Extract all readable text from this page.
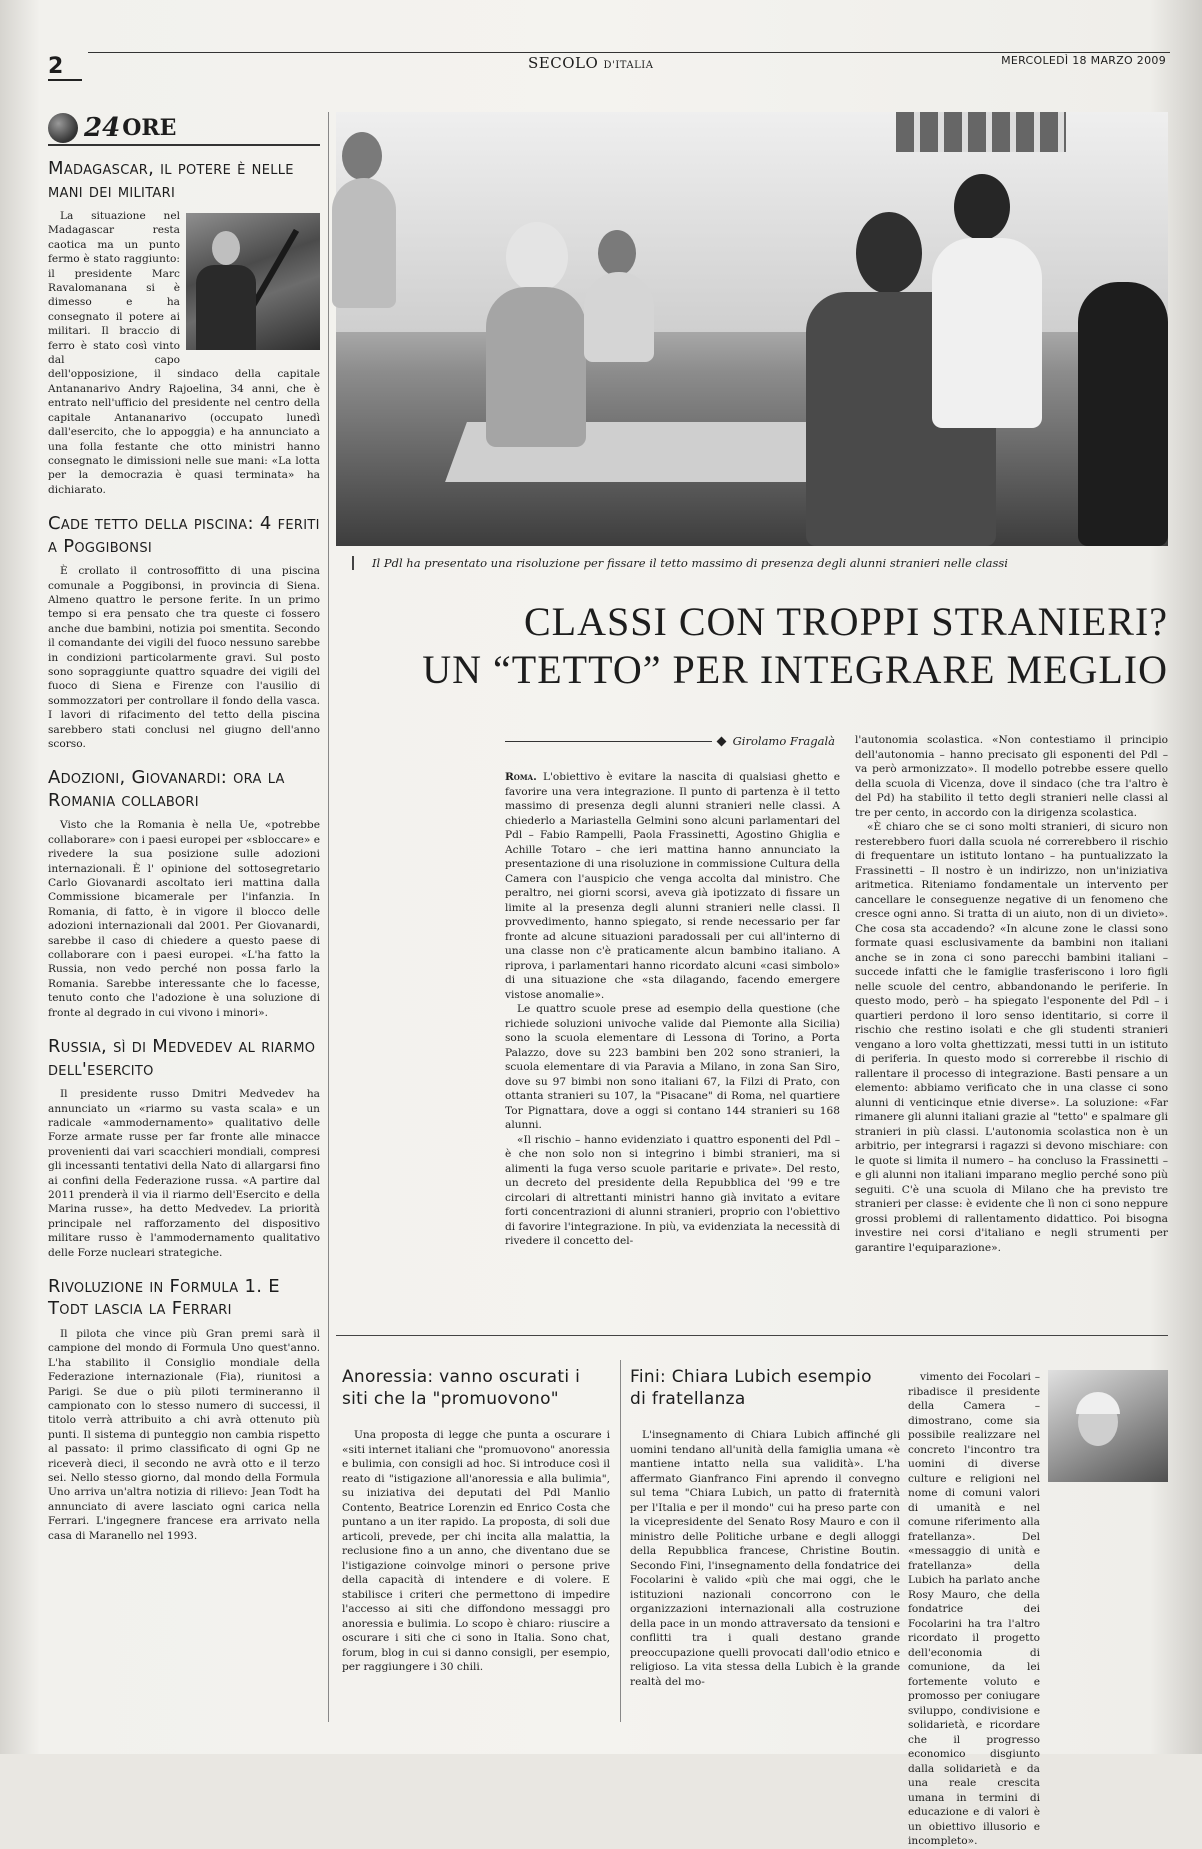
2	SECOLO D'ITALIA	MERCOLEDÌ 18 MARZO 2009
24 ORE
Madagascar, il potere è nelle mani dei militari

La situazione nel Madagascar resta caotica ma un punto fermo è stato raggiunto: il presidente Marc Ravalomanana si è dimesso e ha consegnato il potere ai militari. Il braccio di ferro è stato così vinto dal capo dell'opposizione, il sindaco della capitale Antananarivo Andry Rajoelina, 34 anni, che è entrato nell'ufficio del presidente nel centro della capitale Antananarivo (occupato lunedì dall'esercito, che lo appoggia) e ha annunciato a una folla festante che otto ministri hanno consegnato le dimissioni nelle sue mani: «La lotta per la democrazia è quasi terminata» ha dichiarato.

Cade tetto della piscina: 4 feriti a Poggibonsi

È crollato il controsoffitto di una piscina comunale a Poggibonsi, in provincia di Siena. Almeno quattro le persone ferite. In un primo tempo si era pensato che tra queste ci fossero anche due bambini, notizia poi smentita. Secondo il comandante dei vigili del fuoco nessuno sarebbe in condizioni particolarmente gravi. Sul posto sono sopraggiunte quattro squadre dei vigili del fuoco di Siena e Firenze con l'ausilio di sommozzatori per controllare il fondo della vasca. I lavori di rifacimento del tetto della piscina sarebbero stati conclusi nel giugno dell'anno scorso.

Adozioni, Giovanardi: ora la Romania collabori

Visto che la Romania è nella Ue, «potrebbe collaborare» con i paesi europei per «sbloccare» e rivedere la sua posizione sulle adozioni internazionali. È l' opinione del sottosegretario Carlo Giovanardi ascoltato ieri mattina dalla Commissione bicamerale per l'infanzia. In Romania, di fatto, è in vigore il blocco delle adozioni internazionali dal 2001. Per Giovanardi, sarebbe il caso di chiedere a questo paese di collaborare con i paesi europei. «L'ha fatto la Russia, non vedo perché non possa farlo la Romania. Sarebbe interessante che lo facesse, tenuto conto che l'adozione è una soluzione di fronte al degrado in cui vivono i minori».

Russia, sì di Medvedev al riarmo dell'esercito

Il presidente russo Dmitri Medvedev ha annunciato un «riarmo su vasta scala» e un radicale «ammodernamento» qualitativo delle Forze armate russe per far fronte alle minacce provenienti dai vari scacchieri mondiali, compresi gli incessanti tentativi della Nato di allargarsi fino ai confini della Federazione russa. «A partire dal 2011 prenderà il via il riarmo dell'Esercito e della Marina russe», ha detto Medvedev. La priorità principale nel rafforzamento del dispositivo militare russo è l'ammodernamento qualitativo delle Forze nucleari strategiche.

Rivoluzione in Formula 1. E Todt lascia la Ferrari

Il pilota che vince più Gran premi sarà il campione del mondo di Formula Uno quest'anno. L'ha stabilito il Consiglio mondiale della Federazione internazionale (Fia), riunitosi a Parigi. Se due o più piloti termineranno il campionato con lo stesso numero di successi, il titolo verrà attribuito a chi avrà ottenuto più punti. Il sistema di punteggio non cambia rispetto al passato: il primo classificato di ogni Gp ne riceverà dieci, il secondo ne avrà otto e il terzo sei. Nello stesso giorno, dal mondo della Formula Uno arriva un'altra notizia di rilievo: Jean Todt ha annunciato di avere lasciato ogni carica nella Ferrari. L'ingegnere francese era arrivato nella casa di Maranello nel 1993.

Il Pdl ha presentato una risoluzione per fissare il tetto massimo di presenza degli alunni stranieri nelle classi
CLASSI CON TROPPI STRANIERI?
UN “TETTO” PER INTEGRARE MEGLIO
Girolamo Fragalà

Roma. L'obiettivo è evitare la nascita di qualsiasi ghetto e favorire una vera integrazione. Il punto di partenza è il tetto massimo di presenza degli alunni stranieri nelle classi. A chiederlo a Mariastella Gelmini sono alcuni parlamentari del Pdl – Fabio Rampelli, Paola Frassinetti, Agostino Ghiglia e Achille Totaro – che ieri mattina hanno annunciato la presentazione di una risoluzione in commissione Cultura della Camera con l'auspicio che venga accolta dal ministro. Che peraltro, nei giorni scorsi, aveva già ipotizzato di fissare un limite al la presenza degli alunni stranieri nelle classi. Il provvedimento, hanno spiegato, si rende necessario per far fronte ad alcune situazioni paradossali per cui all'interno di una classe non c'è praticamente alcun bambino italiano. A riprova, i parlamentari hanno ricordato alcuni «casi simbolo» di una situazione che «sta dilagando, facendo emergere vistose anomalie».

Le quattro scuole prese ad esempio della questione (che richiede soluzioni univoche valide dal Piemonte alla Sicilia) sono la scuola elementare di Lessona di Torino, a Porta Palazzo, dove su 223 bambini ben 202 sono stranieri, la scuola elementare di via Paravia a Milano, in zona San Siro, dove su 97 bimbi non sono italiani 67, la Filzi di Prato, con ottanta stranieri su 107, la "Pisacane" di Roma, nel quartiere Tor Pignattara, dove a oggi si contano 144 stranieri su 168 alunni.

«Il rischio – hanno evidenziato i quattro esponenti del Pdl – è che non solo non si integrino i bimbi stranieri, ma si alimenti la fuga verso scuole paritarie e private». Del resto, un decreto del presidente della Repubblica del '99 e tre circolari di altrettanti ministri hanno già invitato a evitare forti concentrazioni di alunni stranieri, proprio con l'obiettivo di favorire l'integrazione. In più, va evidenziata la necessità di rivedere il concetto del-

l'autonomia scolastica. «Non contestiamo il principio dell'autonomia – hanno precisato gli esponenti del Pdl – va però armonizzato». Il modello potrebbe essere quello della scuola di Vicenza, dove il sindaco (che tra l'altro è del Pd) ha stabilito il tetto degli stranieri nelle classi al tre per cento, in accordo con la dirigenza scolastica.

«È chiaro che se ci sono molti stranieri, di sicuro non resterebbero fuori dalla scuola né correrebbero il rischio di frequentare un istituto lontano – ha puntualizzato la Frassinetti – Il nostro è un indirizzo, non un'iniziativa aritmetica. Riteniamo fondamentale un intervento per cancellare le conseguenze negative di un fenomeno che cresce ogni anno. Si tratta di un aiuto, non di un divieto». Che cosa sta accadendo? «In alcune zone le classi sono formate quasi esclusivamente da bambini non italiani anche se in zona ci sono parecchi bambini italiani – succede infatti che le famiglie trasferiscono i loro figli nelle scuole del centro, abbandonando le periferie. In questo modo, però – ha spiegato l'esponente del Pdl – i quartieri perdono il loro senso identitario, si corre il rischio che restino isolati e che gli studenti stranieri vengano a loro volta ghettizzati, messi tutti in un istituto di periferia. In questo modo si correrebbe il rischio di rallentare il processo di integrazione. Basti pensare a un elemento: abbiamo verificato che in una classe ci sono alunni di venticinque etnie diverse». La soluzione: «Far rimanere gli alunni italiani grazie al "tetto" e spalmare gli stranieri in più classi. L'autonomia scolastica non è un arbitrio, per integrarsi i ragazzi si devono mischiare: con le quote si limita il numero – ha concluso la Frassinetti – e gli alunni non italiani imparano meglio perché sono più seguiti. C'è una scuola di Milano che ha previsto tre stranieri per classe: è evidente che lì non ci sono neppure grossi problemi di rallentamento didattico. Poi bisogna investire nei corsi d'italiano e negli strumenti per garantire l'equiparazione».

Anoressia: vanno oscurati i siti che la "promuovono"

Una proposta di legge che punta a oscurare i «siti internet italiani che "promuovono" anoressia e bulimia, con consigli ad hoc. Si introduce così il reato di "istigazione all'anoressia e alla bulimia", su iniziativa dei deputati del Pdl Manlio Contento, Beatrice Lorenzin ed Enrico Costa che puntano a un iter rapido. La proposta, di soli due articoli, prevede, per chi incita alla malattia, la reclusione fino a un anno, che diventano due se l'istigazione coinvolge minori o persone prive della capacità di intendere e di volere. E stabilisce i criteri che permettono di impedire l'accesso ai siti che diffondono messaggi pro anoressia e bulimia. Lo scopo è chiaro: riuscire a oscurare i siti che ci sono in Italia. Sono chat, forum, blog in cui si danno consigli, per esempio, per raggiungere i 30 chili.

Fini: Chiara Lubich esempio di fratellanza

L'insegnamento di Chiara Lubich affinché gli uomini tendano all'unità della famiglia umana «è mantiene intatto nella sua validità». L'ha affermato Gianfranco Fini aprendo il convegno sul tema "Chiara Lubich, un patto di fraternità per l'Italia e per il mondo" cui ha preso parte con la vicepresidente del Senato Rosy Mauro e con il ministro delle Politiche urbane e degli alloggi della Repubblica francese, Christine Boutin. Secondo Fini, l'insegnamento della fondatrice dei Focolarini è valido «più che mai oggi, che le istituzioni nazionali concorrono con le organizzazioni internazionali alla costruzione della pace in un mondo attraversato da tensioni e conflitti tra i quali destano grande preoccupazione quelli provocati dall'odio etnico e religioso. La vita stessa della Lubich è la grande realtà del mo-

vimento dei Focolari – ribadisce il presidente della Camera – dimostrano, come sia possibile realizzare nel concreto l'incontro tra uomini di diverse culture e religioni nel nome di comuni valori di umanità e nel comune riferimento alla fratellanza». Del «messaggio di unità e fratellanza» della Lubich ha parlato anche Rosy Mauro, che della fondatrice dei Focolarini ha tra l'altro ricordato il progetto dell'economia di comunione, da lei fortemente voluto e promosso per coniugare sviluppo, condivisione e solidarietà, e ricordare che il progresso economico disgiunto dalla solidarietà e da una reale crescita umana in termini di educazione e di valori è un obiettivo illusorio e incompleto».
